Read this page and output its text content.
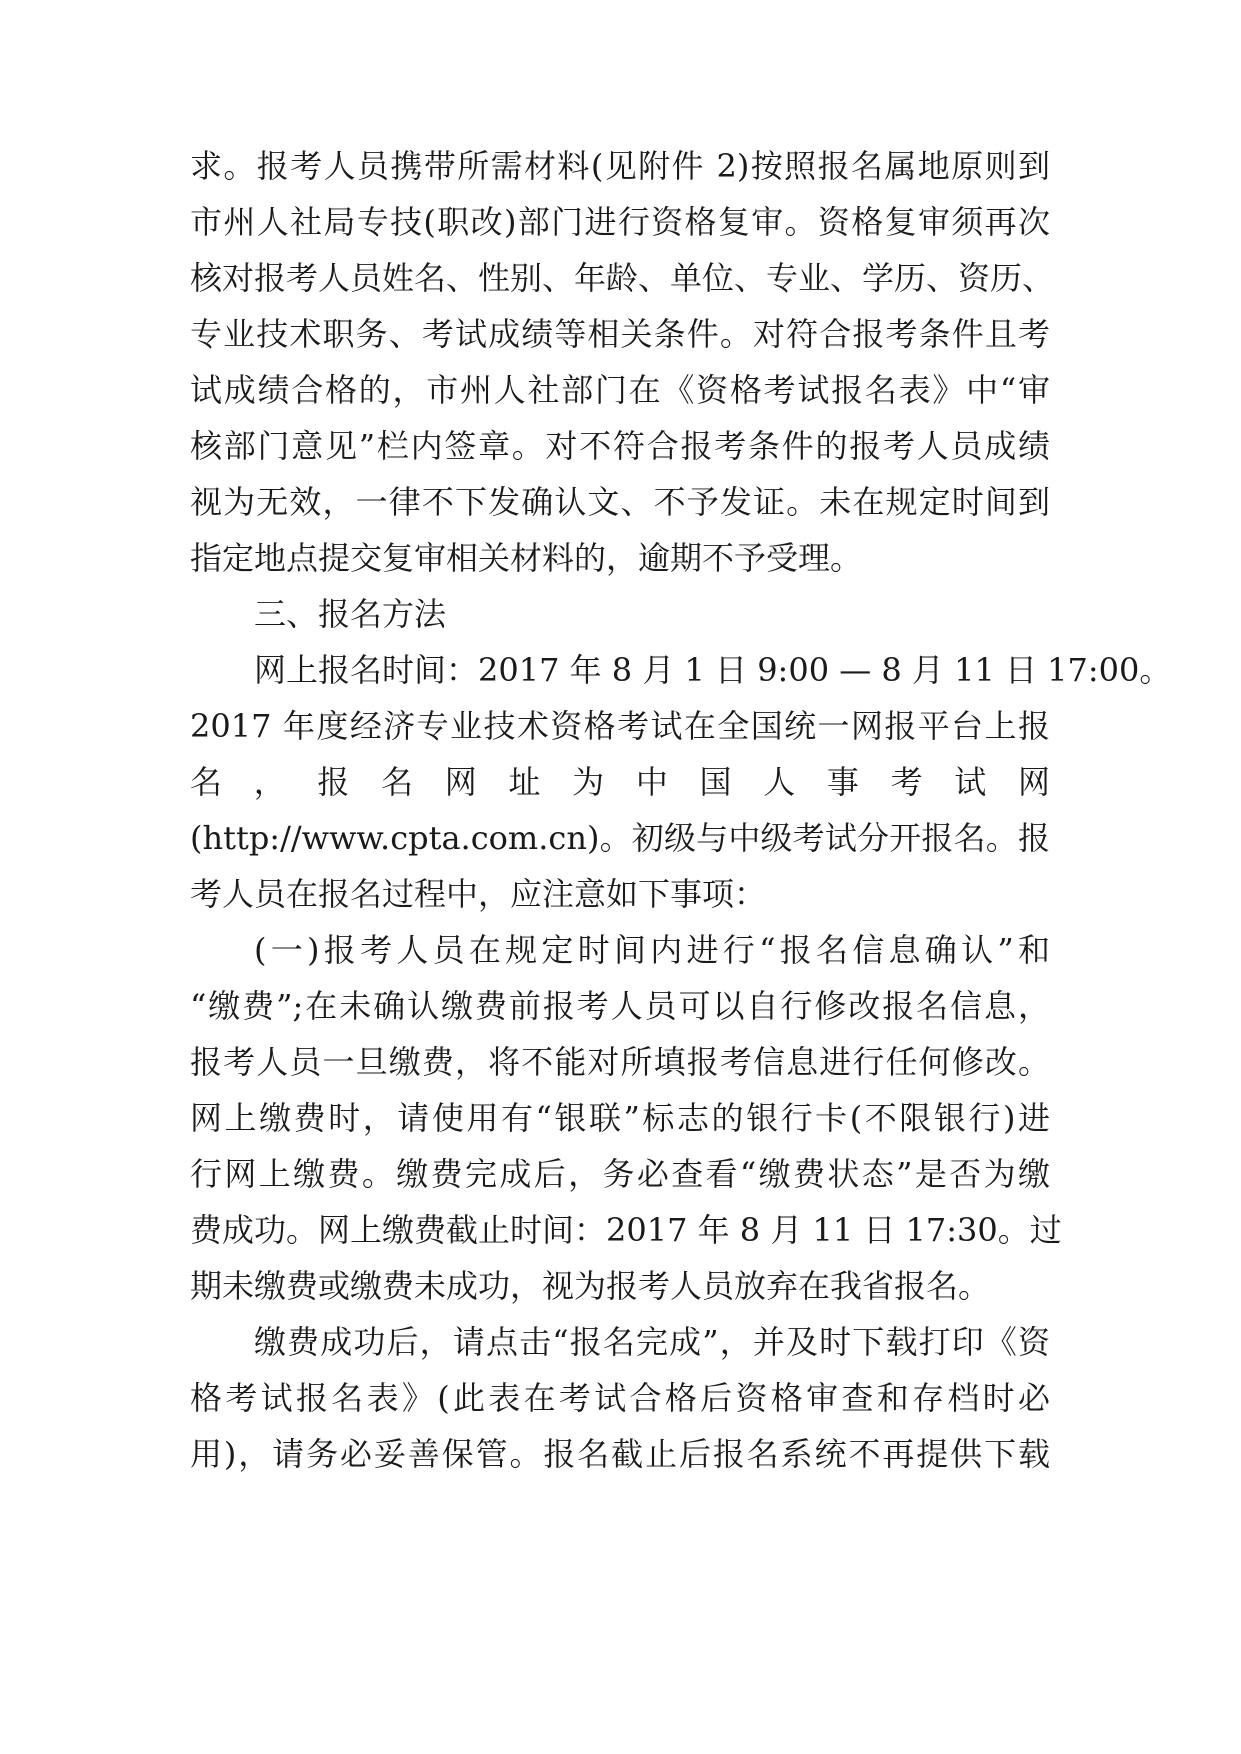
求。报考人员携带所需材料(见附件 2)按照报名属地原则到
市州人社局专技(职改)部门进行资格复审。资格复审须再次
核对报考人员姓名、性别、年龄、单位、专业、学历、资历、
专业技术职务、考试成绩等相关条件。对符合报考条件且考
试成绩合格的，市州人社部门在《资格考试报名表》中“审
核部门意见”栏内签章。对不符合报考条件的报考人员成绩
视为无效，一律不下发确认文、不予发证。未在规定时间到
指定地点提交复审相关材料的，逾期不予受理。
三、报名方法
网上报名时间：2017 年 8 月 1 日 9:00 — 8 月 11 日 17:00。
2017 年度经济专业技术资格考试在全国统一网报平台上报
名 ， 报 名 网 址 为 中 国 人 事 考 试 网
(http://www.cpta.com.cn)。初级与中级考试分开报名。报
考人员在报名过程中，应注意如下事项：
(一)报考人员在规定时间内进行“报名信息确认”和
“缴费”;在未确认缴费前报考人员可以自行修改报名信息，
报考人员一旦缴费，将不能对所填报考信息进行任何修改。
网上缴费时，请使用有“银联”标志的银行卡(不限银行)进
行网上缴费。缴费完成后，务必查看“缴费状态”是否为缴
费成功。网上缴费截止时间：2017 年 8 月 11 日 17:30。过
期未缴费或缴费未成功，视为报考人员放弃在我省报名。
缴费成功后，请点击“报名完成”，并及时下载打印《资
格考试报名表》(此表在考试合格后资格审查和存档时必
用)，请务必妥善保管。报名截止后报名系统不再提供下载
